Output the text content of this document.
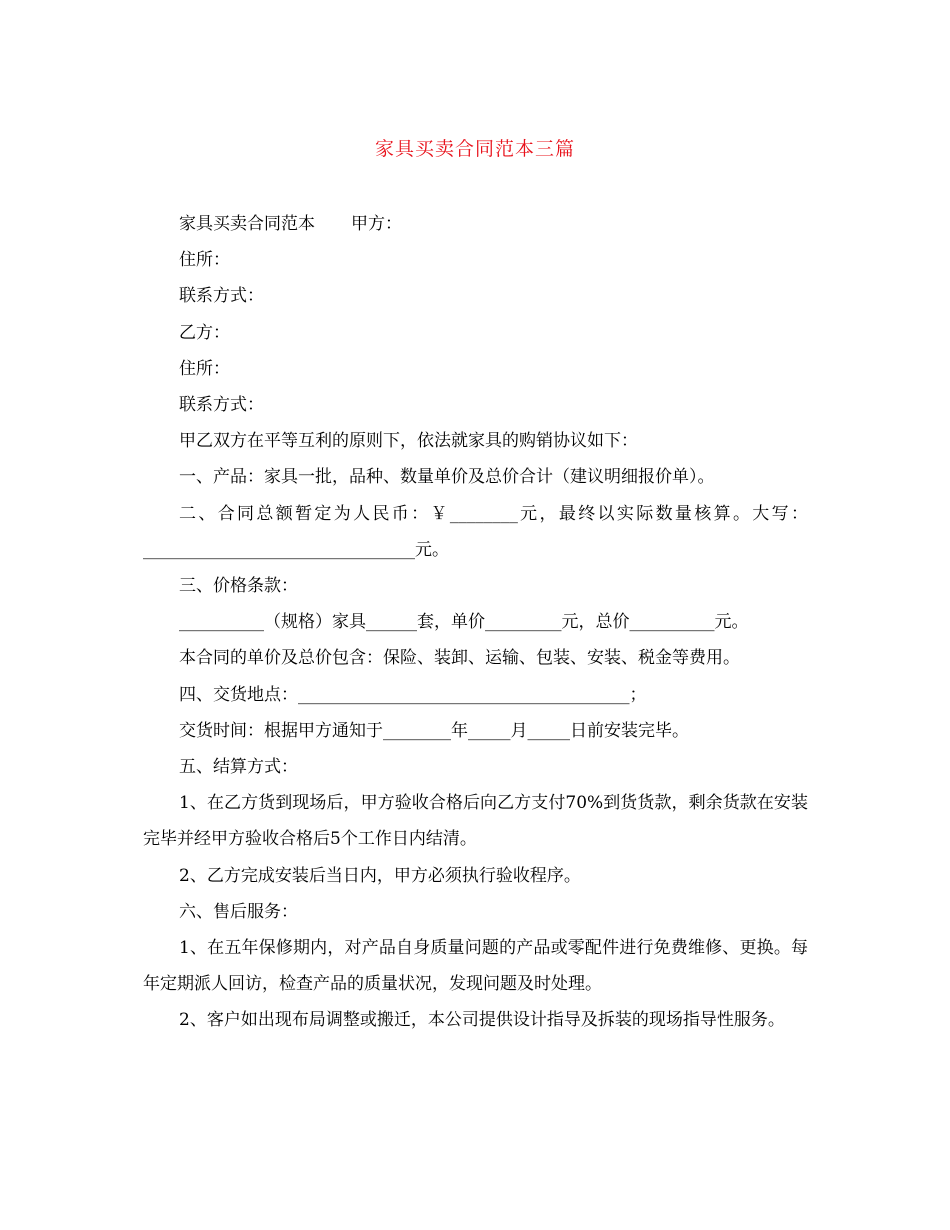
家具买卖合同范本三篇

家具买卖合同范本 甲方：

住所：

联系方式：

乙方：

住所：

联系方式：

甲乙双方在平等互利的原则下，依法就家具的购销协议如下：

一、产品：家具一批，品种、数量单价及总价合计（建议明细报价单）。

二、合同总额暂定为人民币：￥________元，最终以实际数量核算。大写：________________________________元。

三、价格条款：

__________（规格）家具______套，单价_________元，总价__________元。

本合同的单价及总价包含：保险、装卸、运输、包装、安装、税金等费用。

四、交货地点：_______________________________________；

交货时间：根据甲方通知于________年_____月_____日前安装完毕。

五、结算方式：

1、在乙方货到现场后，甲方验收合格后向乙方支付70%到货货款，剩余货款在安装完毕并经甲方验收合格后5个工作日内结清。

2、乙方完成安装后当日内，甲方必须执行验收程序。

六、售后服务：

1、在五年保修期内，对产品自身质量问题的产品或零配件进行免费维修、更换。每年定期派人回访，检查产品的质量状况，发现问题及时处理。

2、客户如出现布局调整或搬迁，本公司提供设计指导及拆装的现场指导性服务。
